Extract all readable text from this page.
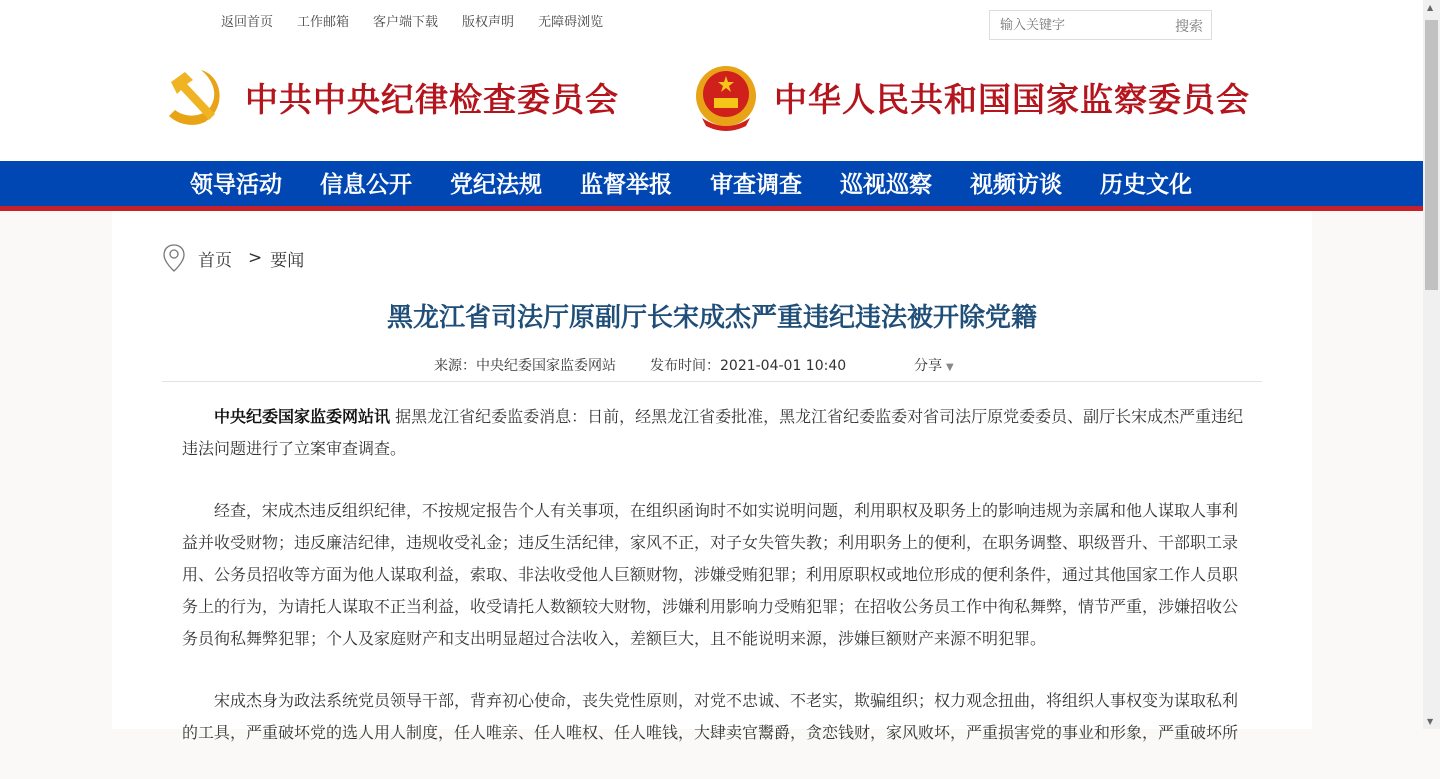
返回首页 工作邮箱 客户端下载 版权声明 无障碍浏览
输入关键字	搜索
中共中央纪律检查委员会	中华人民共和国国家监察委员会
领导活动 信息公开 党纪法规 监督举报 审查调查 巡视巡察 视频访谈 历史文化
首页 > 要闻
黑龙江省司法厅原副厅长宋成杰严重违纪违法被开除党籍
来源：中央纪委国家监委网站 发布时间：2021-04-01 10:40	分享 ▼

中央纪委国家监委网站讯 据黑龙江省纪委监委消息：日前，经黑龙江省委批准，黑龙江省纪委监委对省司法厅原党委委员、副厅长宋成杰严重违纪违法问题进行了立案审查调查。

经查，宋成杰违反组织纪律，不按规定报告个人有关事项，在组织函询时不如实说明问题，利用职权及职务上的影响违规为亲属和他人谋取人事利益并收受财物；违反廉洁纪律，违规收受礼金；违反生活纪律，家风不正，对子女失管失教；利用职务上的便利，在职务调整、职级晋升、干部职工录用、公务员招收等方面为他人谋取利益，索取、非法收受他人巨额财物，涉嫌受贿犯罪；利用原职权或地位形成的便利条件，通过其他国家工作人员职务上的行为，为请托人谋取不正当利益，收受请托人数额较大财物，涉嫌利用影响力受贿犯罪；在招收公务员工作中徇私舞弊，情节严重，涉嫌招收公务员徇私舞弊犯罪；个人及家庭财产和支出明显超过合法收入，差额巨大，且不能说明来源，涉嫌巨额财产来源不明犯罪。

宋成杰身为政法系统党员领导干部，背弃初心使命，丧失党性原则，对党不忠诚、不老实，欺骗组织；权力观念扭曲，将组织人事权变为谋取私利的工具，严重破坏党的选人用人制度，任人唯亲、任人唯权、任人唯钱，大肆卖官鬻爵，贪恋钱财，家风败坏，严重损害党的事业和形象，严重破坏所

▲
▼
